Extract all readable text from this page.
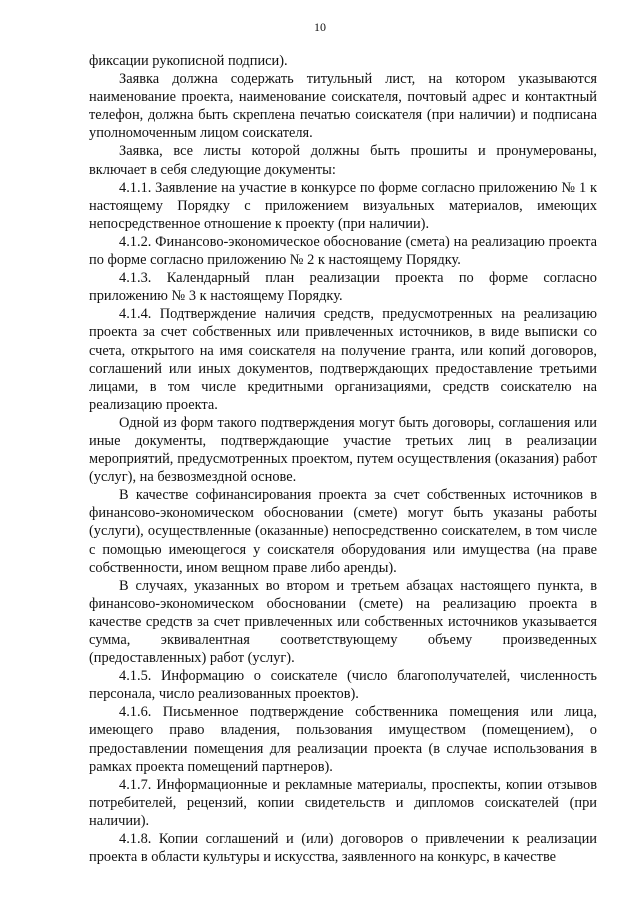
10

фиксации рукописной подписи).

Заявка должна содержать титульный лист, на котором указываются наименование проекта, наименование соискателя, почтовый адрес и контактный телефон, должна быть скреплена печатью соискателя (при наличии) и подписана уполномоченным лицом соискателя.

Заявка, все листы которой должны быть прошиты и пронумерованы, включает в себя следующие документы:

4.1.1. Заявление на участие в конкурсе по форме согласно приложению № 1 к настоящему Порядку с приложением визуальных материалов, имеющих непосредственное отношение к проекту (при наличии).

4.1.2. Финансово-экономическое обоснование (смета) на реализацию проекта по форме согласно приложению № 2 к настоящему Порядку.

4.1.3. Календарный план реализации проекта по форме согласно приложению № 3 к настоящему Порядку.

4.1.4. Подтверждение наличия средств, предусмотренных на реализацию проекта за счет собственных или привлеченных источников, в виде выписки со счета, открытого на имя соискателя на получение гранта, или копий договоров, соглашений или иных документов, подтверждающих предоставление третьими лицами, в том числе кредитными организациями, средств соискателю на реализацию проекта.

Одной из форм такого подтверждения могут быть договоры, соглашения или иные документы, подтверждающие участие третьих лиц в реализации мероприятий, предусмотренных проектом, путем осуществления (оказания) работ (услуг), на безвозмездной основе.

В качестве софинансирования проекта за счет собственных источников в финансово-экономическом обосновании (смете) могут быть указаны работы (услуги), осуществленные (оказанные) непосредственно соискателем, в том числе с помощью имеющегося у соискателя оборудования или имущества (на праве собственности, ином вещном праве либо аренды).

В случаях, указанных во втором и третьем абзацах настоящего пункта, в финансово-экономическом обосновании (смете) на реализацию проекта в качестве средств за счет привлеченных или собственных источников указывается сумма, эквивалентная соответствующему объему произведенных (предоставленных) работ (услуг).

4.1.5. Информацию о соискателе (число благополучателей, численность персонала, число реализованных проектов).

4.1.6. Письменное подтверждение собственника помещения или лица, имеющего право владения, пользования имуществом (помещением), о предоставлении помещения для реализации проекта (в случае использования в рамках проекта помещений партнеров).

4.1.7. Информационные и рекламные материалы, проспекты, копии отзывов потребителей, рецензий, копии свидетельств и дипломов соискателей (при наличии).

4.1.8. Копии соглашений и (или) договоров о привлечении к реализации проекта в области культуры и искусства, заявленного на конкурс, в качестве
